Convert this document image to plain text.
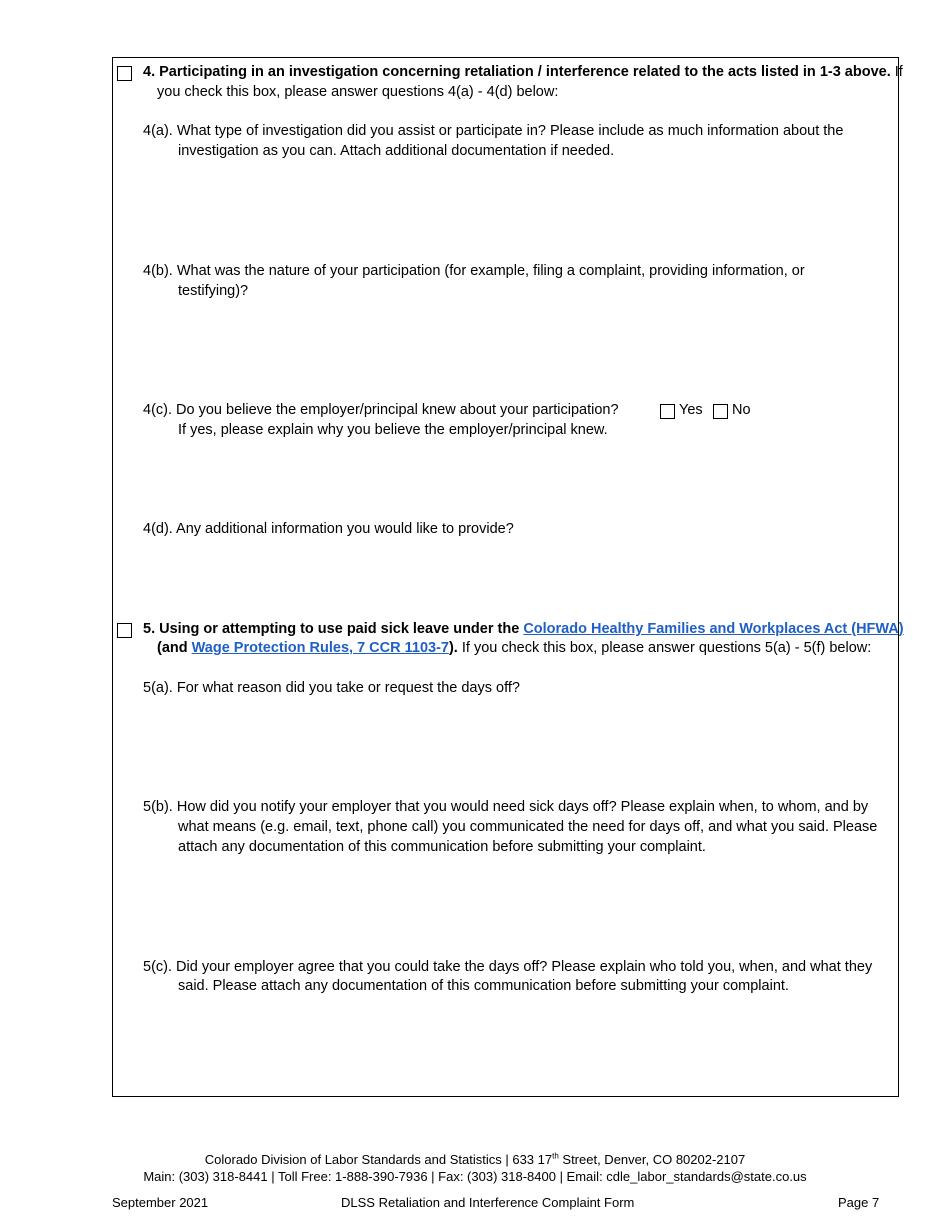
4. Participating in an investigation concerning retaliation / interference related to the acts listed in 1-3 above. If
you check this box, please answer questions 4(a) - 4(d) below:
4(a). What type of investigation did you assist or participate in? Please include as much information about the
investigation as you can. Attach additional documentation if needed.
4(b). What was the nature of your participation (for example, filing a complaint, providing information, or
testifying)?
4(c). Do you believe the employer/principal knew about your participation?	Yes No
If yes, please explain why you believe the employer/principal knew.
4(d). Any additional information you would like to provide?
5. Using or attempting to use paid sick leave under the Colorado Healthy Families and Workplaces Act (HFWA)
(and Wage Protection Rules, 7 CCR 1103-7). If you check this box, please answer questions 5(a) - 5(f) below:
5(a). For what reason did you take or request the days off?
5(b). How did you notify your employer that you would need sick days off? Please explain when, to whom, and by
what means (e.g. email, text, phone call) you communicated the need for days off, and what you said. Please
attach any documentation of this communication before submitting your complaint.
5(c). Did your employer agree that you could take the days off? Please explain who told you, when, and what they
said. Please attach any documentation of this communication before submitting your complaint.
Colorado Division of Labor Standards and Statistics | 633 17th Street, Denver, CO 80202-2107
Main: (303) 318-8441 | Toll Free: 1-888-390-7936 | Fax: (303) 318-8400 | Email: cdle_labor_standards@state.co.us
September 2021	DLSS Retaliation and Interference Complaint Form	Page 7
